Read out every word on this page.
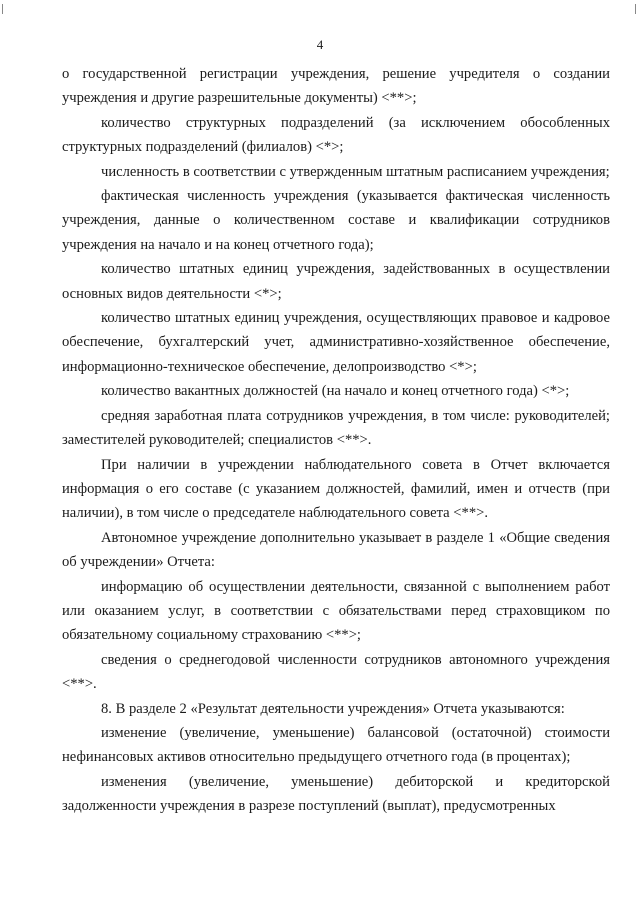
4

о государственной регистрации учреждения, решение учредителя о создании учреждения и другие разрешительные документы) <**>;

количество структурных подразделений (за исключением обособленных структурных подразделений (филиалов) <*>;

численность в соответствии с утвержденным штатным расписанием учреждения;

фактическая численность учреждения (указывается фактическая численность учреждения, данные о количественном составе и квалификации сотрудников учреждения на начало и на конец отчетного года);

количество штатных единиц учреждения, задействованных в осуществлении основных видов деятельности <*>;

количество штатных единиц учреждения, осуществляющих правовое и кадровое обеспечение, бухгалтерский учет, административно-хозяйственное обеспечение, информационно-техническое обеспечение, делопроизводство <*>;

количество вакантных должностей (на начало и конец отчетного года) <*>;

средняя заработная плата сотрудников учреждения, в том числе: руководителей; заместителей руководителей; специалистов <**>.

При наличии в учреждении наблюдательного совета в Отчет включается информация о его составе (с указанием должностей, фамилий, имен и отчеств (при наличии), в том числе о председателе наблюдательного совета <**>.

Автономное учреждение дополнительно указывает в разделе 1 «Общие сведения об учреждении» Отчета:

информацию об осуществлении деятельности, связанной с выполнением работ или оказанием услуг, в соответствии с обязательствами перед страховщиком по обязательному социальному страхованию <**>;

сведения о среднегодовой численности сотрудников автономного учреждения <**>.

8. В разделе 2 «Результат деятельности учреждения» Отчета указываются:

изменение (увеличение, уменьшение) балансовой (остаточной) стоимости нефинансовых активов относительно предыдущего отчетного года (в процентах);

изменения (увеличение, уменьшение) дебиторской и кредиторской задолженности учреждения в разрезе поступлений (выплат), предусмотренных
